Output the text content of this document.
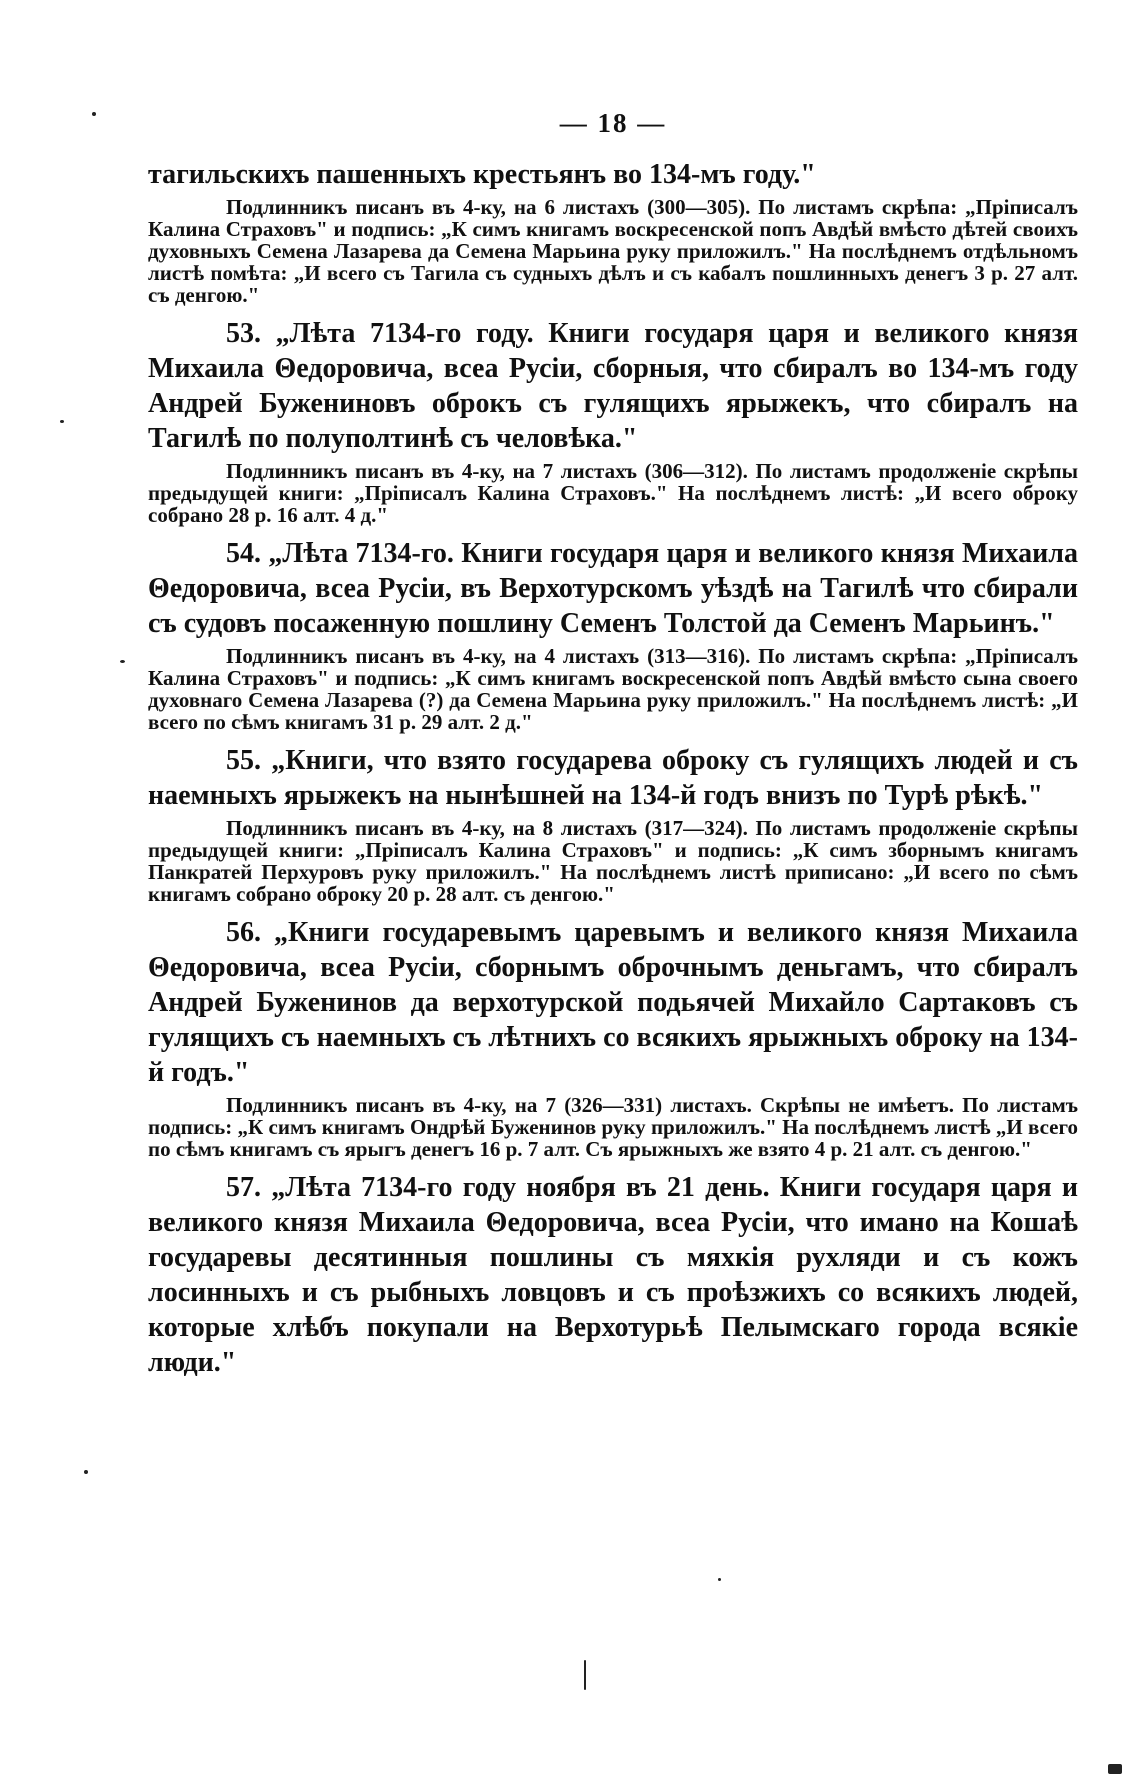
— 18 —
тагильскихъ пашенныхъ крестьянъ во 134-мъ году."
Подлинникъ писанъ въ 4-ку, на 6 листахъ (300—305). По листамъ скрѣпа: „Пріписалъ Калина Страховъ" и подпись: „К симъ книгамъ воскресенской попъ Авдѣй вмѣсто дѣтей своихъ духовныхъ Семена Лазарева да Семена Марьина руку приложилъ." На послѣднемъ отдѣльномъ листѣ помѣта: „И всего съ Тагила съ судныхъ дѣлъ и съ кабалъ пошлинныхъ денегъ 3 р. 27 алт. съ денгою."
53. „Лѣта 7134-го году. Книги государя царя и великого князя Михаила Θедоровича, всеа Русіи, сборныя, что сбиралъ во 134-мъ году Андрей Бужениновъ оброкъ съ гулящихъ ярыжекъ, что сбиралъ на Тагилѣ по полуполтинѣ съ человѣка."
Подлинникъ писанъ въ 4-ку, на 7 листахъ (306—312). По листамъ продолженіе скрѣпы предыдущей книги: „Пріписалъ Калина Страховъ." На послѣднемъ листѣ: „И всего оброку собрано 28 р. 16 алт. 4 д."
54. „Лѣта 7134-го. Книги государя царя и великого князя Михаила Θедоровича, всеа Русіи, въ Верхотурскомъ уѣздѣ на Тагилѣ что сбирали съ судовъ посаженную пошлину Семенъ Толстой да Семенъ Марьинъ."
Подлинникъ писанъ въ 4-ку, на 4 листахъ (313—316). По листамъ скрѣпа: „Пріписалъ Калина Страховъ" и подпись: „К симъ книгамъ воскресенской попъ Авдѣй вмѣсто сына своего духовнаго Семена Лазарева (?) да Семена Марьина руку приложилъ." На послѣднемъ листѣ: „И всего по сѣмъ книгамъ 31 р. 29 алт. 2 д."
55. „Книги, что взято государева оброку съ гулящихъ людей и съ наемныхъ ярыжекъ на нынѣшней на 134-й годъ внизъ по Турѣ рѣкѣ."
Подлинникъ писанъ въ 4-ку, на 8 листахъ (317—324). По листамъ продолженіе скрѣпы предыдущей книги: „Пріписалъ Калина Страховъ" и подпись: „К симъ зборнымъ книгамъ Панкратей Перхуровъ руку приложилъ." На послѣднемъ листѣ приписано: „И всего по сѣмъ книгамъ собрано оброку 20 р. 28 алт. съ денгою."
56. „Книги государевымъ царевымъ и великого князя Михаила Θедоровича, всеа Русіи, сборнымъ оброчнымъ деньгамъ, что сбиралъ Андрей Буженинов да верхотурской подьячей Михайло Сартаковъ съ гулящихъ съ наемныхъ съ лѣтнихъ со всякихъ ярыжныхъ оброку на 134-й годъ."
Подлинникъ писанъ въ 4-ку, на 7 (326—331) листахъ. Скрѣпы не имѣетъ. По листамъ подпись: „К симъ книгамъ Ондрѣй Буженинов руку приложилъ." На послѣднемъ листѣ „И всего по сѣмъ книгамъ съ ярыгъ денегъ 16 р. 7 алт. Съ ярыжныхъ же взято 4 р. 21 алт. съ денгою."
57. „Лѣта 7134-го году ноября въ 21 день. Книги государя царя и великого князя Михаила Θедоровича, всеа Русіи, что имано на Кошаѣ государевы десятинныя пошлины съ мяхкія рухляди и съ кожъ лосинныхъ и съ рыбныхъ ловцовъ и съ проѣзжихъ со всякихъ людей, которые хлѣбъ покупали на Верхотурьѣ Пелымскаго города всякіе люди."
